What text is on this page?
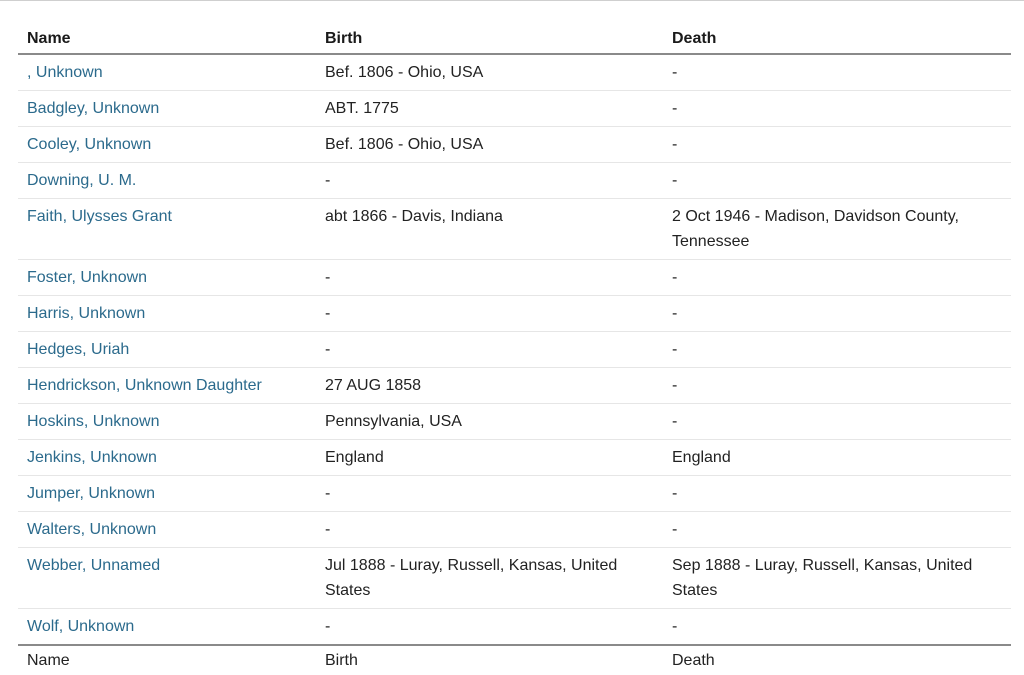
Name	Birth	Death
, Unknown	Bef. 1806 - Ohio, USA	-
Badgley, Unknown	ABT. 1775	-
Cooley, Unknown	Bef. 1806 - Ohio, USA	-
Downing, U. M.	-	-
Faith, Ulysses Grant	abt 1866 - Davis, Indiana	2 Oct 1946 - Madison, Davidson County, Tennessee
Foster, Unknown	-	-
Harris, Unknown	-	-
Hedges, Uriah	-	-
Hendrickson, Unknown Daughter	27 AUG 1858	-
Hoskins, Unknown	Pennsylvania, USA	-
Jenkins, Unknown	England	England
Jumper, Unknown	-	-
Walters, Unknown	-	-
Webber, Unnamed	Jul 1888 - Luray, Russell, Kansas, United States	Sep 1888 - Luray, Russell, Kansas, United States
Wolf, Unknown	-	-
Name	Birth	Death
